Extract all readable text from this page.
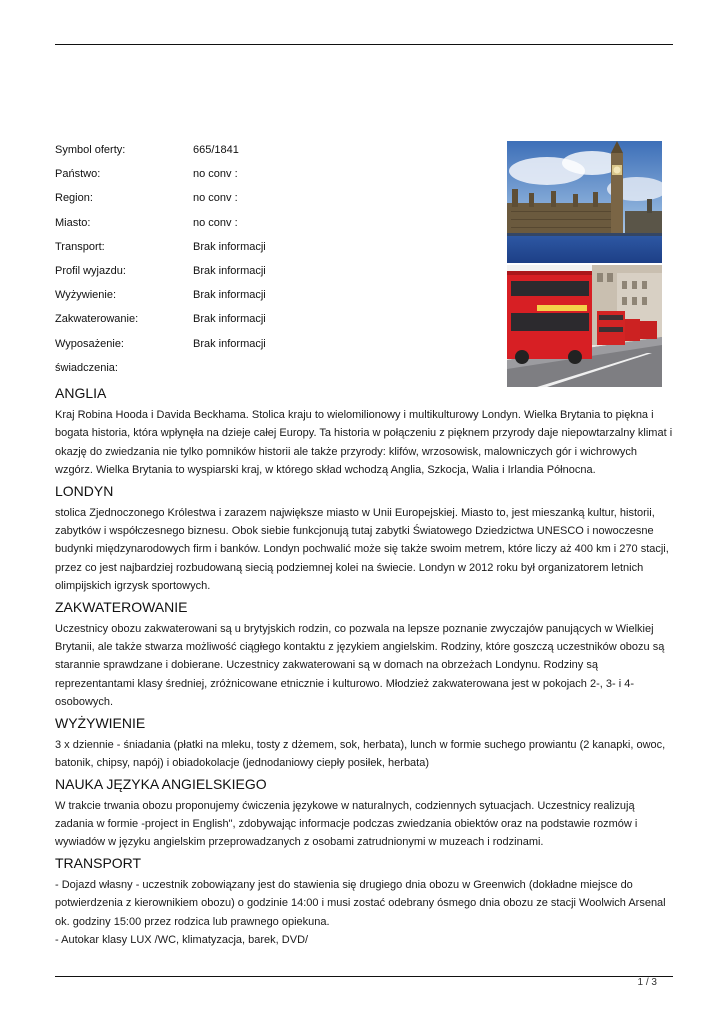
Symbol oferty:	665/1841
Państwo:	no conv :
Region:	no conv :
Miasto:	no conv :
Transport:	Brak informacji
Profil wyjazdu:	Brak informacji
Wyżywienie:	Brak informacji
Zakwaterowanie:	Brak informacji
Wyposażenie:	Brak informacji
świadczenia:
ANGLIA

Kraj Robina Hooda i Davida Beckhama. Stolica kraju to wielomilionowy i multikulturowy Londyn. Wielka Brytania to piękna i bogata historia, która wpłynęła na dzieje całej Europy. Ta historia w połączeniu z pięknem przyrody daje niepowtarzalny klimat i okazję do zwiedzania nie tylko pomników historii ale także przyrody: klifów, wrzosowisk, malowniczych gór i wichrowych wzgórz. Wielka Brytania to wyspiarski kraj, w którego skład wchodzą Anglia, Szkocja, Walia i Irlandia Północna.

LONDYN

stolica Zjednoczonego Królestwa i zarazem największe miasto w Unii Europejskiej. Miasto to, jest mieszanką kultur, historii, zabytków i współczesnego biznesu. Obok siebie funkcjonują tutaj zabytki Światowego Dziedzictwa UNESCO i nowoczesne budynki międzynarodowych firm i banków. Londyn pochwalić może się także swoim metrem, które liczy aż 400 km i 270 stacji, przez co jest najbardziej rozbudowaną siecią podziemnej kolei na świecie. Londyn w 2012 roku był organizatorem letnich olimpijskich igrzysk sportowych.

ZAKWATEROWANIE

Uczestnicy obozu zakwaterowani są u brytyjskich rodzin, co pozwala na lepsze poznanie zwyczajów panujących w Wielkiej Brytanii, ale także stwarza możliwość ciągłego kontaktu z językiem angielskim. Rodziny, które goszczą uczestników obozu są starannie sprawdzane i dobierane. Uczestnicy zakwaterowani są w domach na obrzeżach Londynu. Rodziny są reprezentantami klasy średniej, zróżnicowane etnicznie i kulturowo. Młodzież zakwaterowana jest w pokojach 2-, 3- i 4-osobowych.

WYŻYWIENIE

3 x dziennie - śniadania (płatki na mleku, tosty z dżemem, sok, herbata), lunch w formie suchego prowiantu (2 kanapki, owoc, batonik, chipsy, napój) i obiadokolacje (jednodaniowy ciepły posiłek, herbata)

NAUKA JĘZYKA ANGIELSKIEGO

W trakcie trwania obozu proponujemy ćwiczenia językowe w naturalnych, codziennych sytuacjach. Uczestnicy realizują zadania w formie -project in English", zdobywając informacje podczas zwiedzania obiektów oraz na podstawie rozmów i wywiadów w języku angielskim przeprowadzanych z osobami zatrudnionymi w muzeach i rodzinami.

TRANSPORT

- Dojazd własny - uczestnik zobowiązany jest do stawienia się drugiego dnia obozu w Greenwich (dokładne miejsce do potwierdzenia z kierownikiem obozu) o godzinie 14:00 i musi zostać odebrany ósmego dnia obozu ze stacji Woolwich Arsenal ok. godziny 15:00 przez rodzica lub prawnego opiekuna.

- Autokar klasy LUX /WC, klimatyzacja, barek, DVD/

1 / 3
